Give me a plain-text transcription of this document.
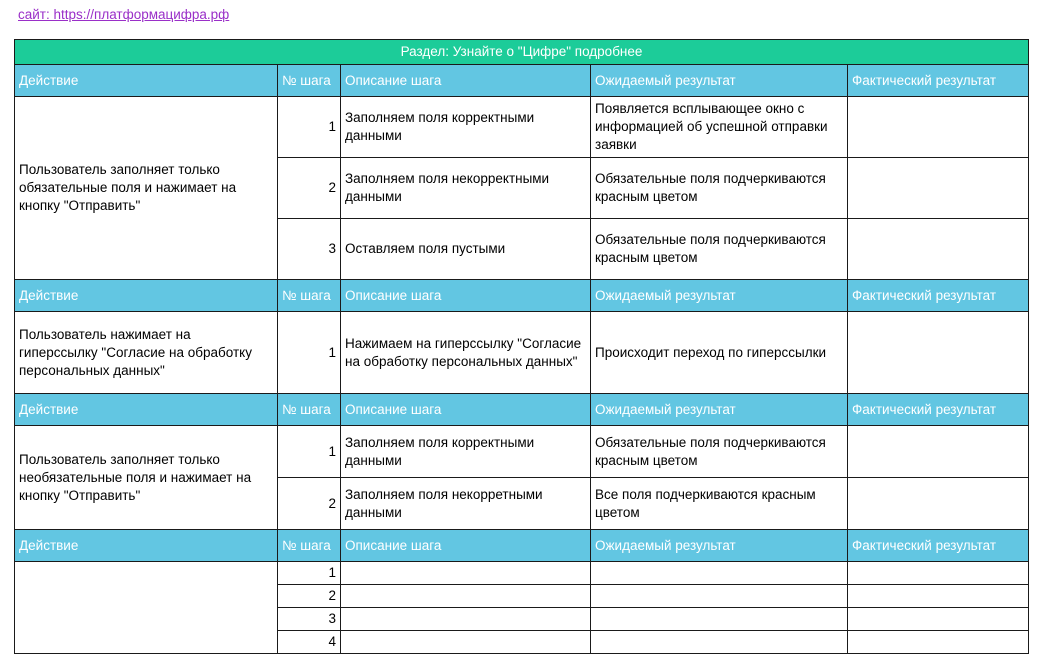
сайт: https://платформацифра.рф
Раздел: Узнайте о "Цифре" подробнее				
Действие	№ шага	Описание шага	Ожидаемый результат	Фактический результат
Пользователь заполняет только обязательные поля и нажимает на кнопку "Отправить"	1	Заполняем поля корректными данными	Появляется всплывающее окно с информацией об успешной отправки заявки	
	2	Заполняем поля некорректными данными	Обязательные поля подчеркиваются красным цветом	
	3	Оставляем поля пустыми	Обязательные поля подчеркиваются красным цветом	
Действие	№ шага	Описание шага	Ожидаемый результат	Фактический результат
Пользователь нажимает на гиперссылку "Согласие на обработку персональных данных"	1	Нажимаем на гиперссылку "Согласие на обработку персональных данных"	Происходит переход по гиперссылки	
Действие	№ шага	Описание шага	Ожидаемый результат	Фактический результат
Пользователь заполняет только необязательные поля и нажимает на кнопку "Отправить"	1	Заполняем поля корректными данными	Обязательные поля подчеркиваются красным цветом	
	2	Заполняем поля некорретными данными	Все поля подчеркиваются красным цветом	
Действие	№ шага	Описание шага	Ожидаемый результат	Фактический результат
	1			
	2			
	3			
	4			
